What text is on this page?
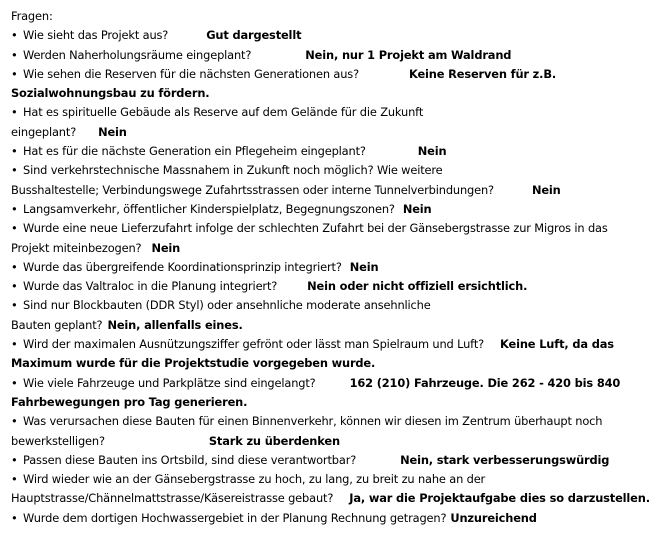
Fragen:
• Wie sieht das Projekt aus?	Gut dargestellt
• Werden Naherholungsräume eingeplant?	Nein, nur 1 Projekt am Waldrand
• Wie sehen die Reserven für die nächsten Generationen aus?	Keine Reserven für z.B.
Sozialwohnungsbau zu fördern.
• Hat es spirituelle Gebäude als Reserve auf dem Gelände für die Zukunft
eingeplant? Nein
• Hat es für die nächste Generation ein Pflegeheim eingeplant?	Nein
• Sind verkehrstechnische Massnahem in Zukunft noch möglich? Wie weitere
Busshaltestelle; Verbindungswege Zufahrtsstrassen oder interne Tunnelverbindungen?	Nein
• Langsamverkehr, öffentlicher Kinderspielplatz, Begegnungszonen? Nein
• Wurde eine neue Lieferzufahrt infolge der schlechten Zufahrt bei der Gänsebergstrasse zur Migros in das
Projekt miteinbezogen? Nein
• Wurde das übergreifende Koordinationsprinzip integriert? Nein
• Wurde das Valtraloc in die Planung integriert?	Nein oder nicht offiziell ersichtlich.
• Sind nur Blockbauten (DDR Styl) oder ansehnliche moderate ansehnliche
Bauten geplant? Nein, allenfalls eines.
• Wird der maximalen Ausnützungsziffer gefrönt oder lässt man Spielraum und Luft? Keine Luft, da das
Maximum wurde für die Projektstudie vorgegeben wurde.
• Wie viele Fahrzeuge und Parkplätze sind eingelangt?	162 (210) Fahrzeuge. Die 262 - 420 bis 840
Fahrbewegungen pro Tag generieren.
• Was verursachen diese Bauten für einen Binnenverkehr, können wir diesen im Zentrum überhaupt noch
bewerkstelligen?	Stark zu überdenken
• Passen diese Bauten ins Ortsbild, sind diese verantwortbar?	Nein, stark verbesserungswürdig
• Wird wieder wie an der Gänsebergstrasse zu hoch, zu lang, zu breit zu nahe an der
Hauptstrasse/Chännelmattstrasse/Käsereistrasse gebaut? Ja, war die Projektaufgabe dies so darzustellen.
• Wurde dem dortigen Hochwassergebiet in der Planung Rechnung getragen? Unzureichend
